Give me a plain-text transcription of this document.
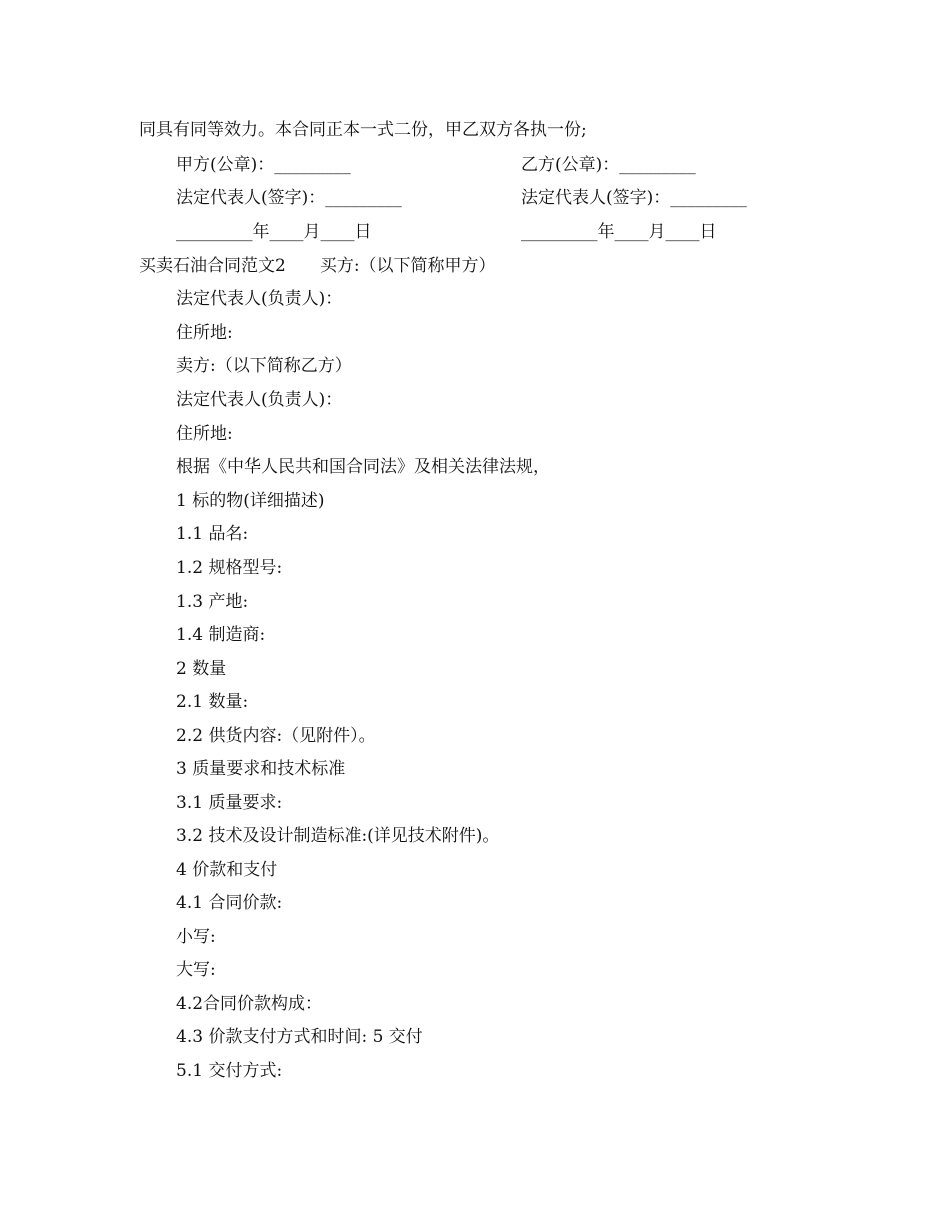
同具有同等效力。本合同正本一式二份，甲乙双方各执一份;
甲方(公章)：_________	乙方(公章)：_________
法定代表人(签字)：_________	法定代表人(签字)：_________
_________年____月____日	_________年____月____日
买卖石油合同范文2　　买方:（以下简称甲方）
法定代表人(负责人)：
住所地:
卖方:（以下简称乙方）
法定代表人(负责人)：
住所地:
根据《中华人民共和国合同法》及相关法律法规，
1 标的物(详细描述)
1.1 品名:
1.2 规格型号:
1.3 产地:
1.4 制造商:
2 数量
2.1 数量:
2.2 供货内容:（见附件）。
3 质量要求和技术标准
3.1 质量要求:
3.2 技术及设计制造标准:(详见技术附件)。
4 价款和支付
4.1 合同价款:
小写:
大写:
4.2合同价款构成：
4.3 价款支付方式和时间: 5 交付
5.1 交付方式:
